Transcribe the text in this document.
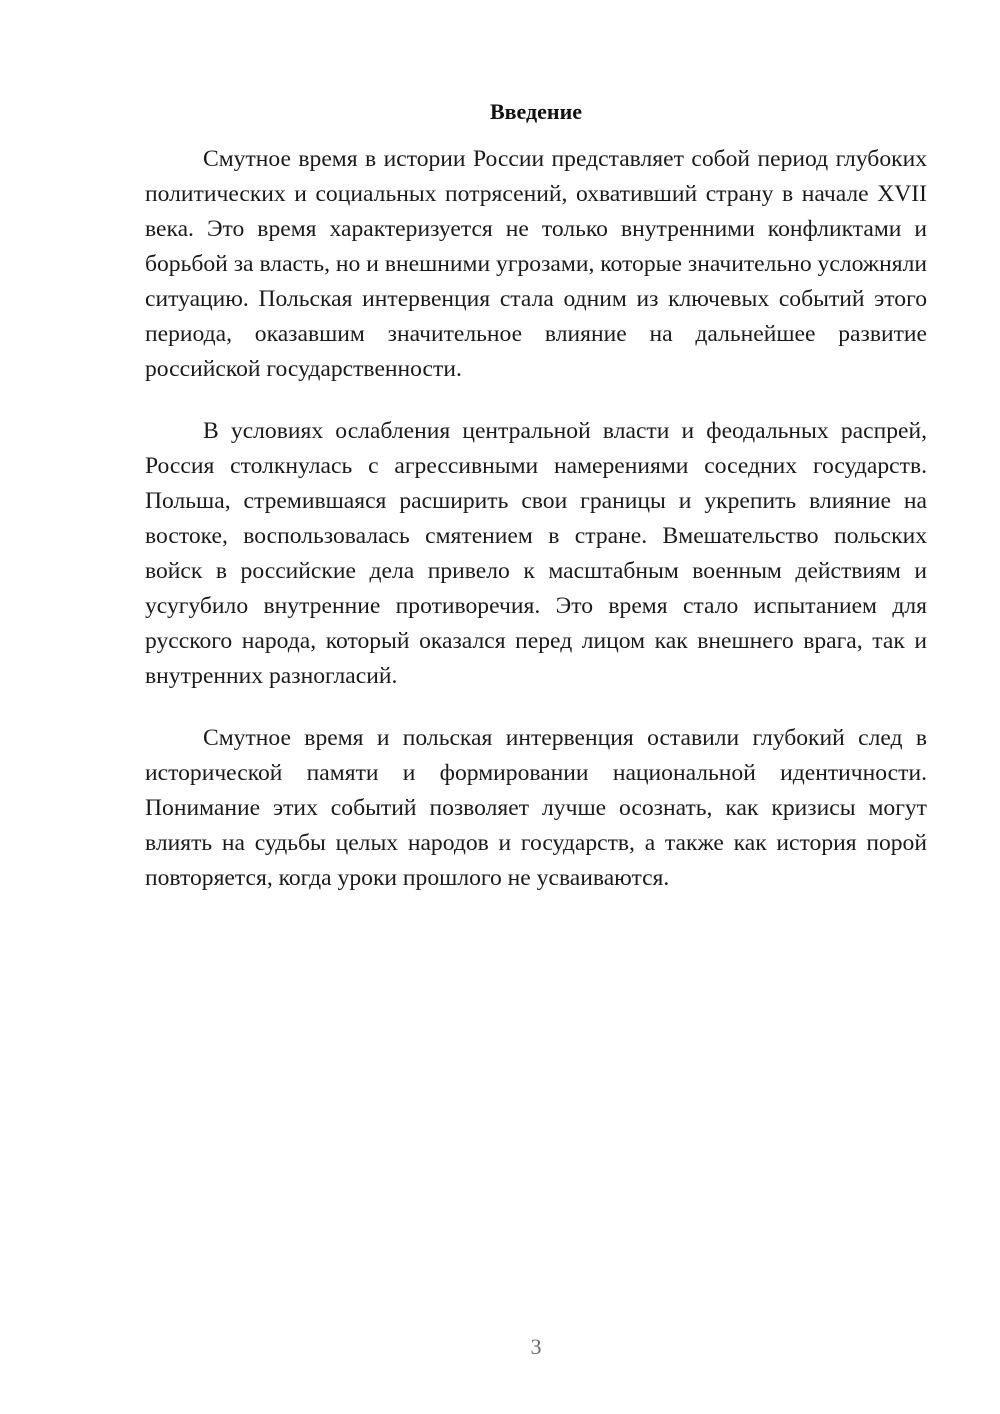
Введение

Смутное время в истории России представляет собой период глубоких политических и социальных потрясений, охвативший страну в начале XVII века. Это время характеризуется не только внутренними конфликтами и борьбой за власть, но и внешними угрозами, которые значительно усложняли ситуацию. Польская интервенция стала одним из ключевых событий этого периода, оказавшим значительное влияние на дальнейшее развитие российской государственности.

В условиях ослабления центральной власти и феодальных распрей, Россия столкнулась с агрессивными намерениями соседних государств. Польша, стремившаяся расширить свои границы и укрепить влияние на востоке, воспользовалась смятением в стране. Вмешательство польских войск в российские дела привело к масштабным военным действиям и усугубило внутренние противоречия. Это время стало испытанием для русского народа, который оказался перед лицом как внешнего врага, так и внутренних разногласий.

Смутное время и польская интервенция оставили глубокий след в исторической памяти и формировании национальной идентичности. Понимание этих событий позволяет лучше осознать, как кризисы могут влиять на судьбы целых народов и государств, а также как история порой повторяется, когда уроки прошлого не усваиваются.

3
